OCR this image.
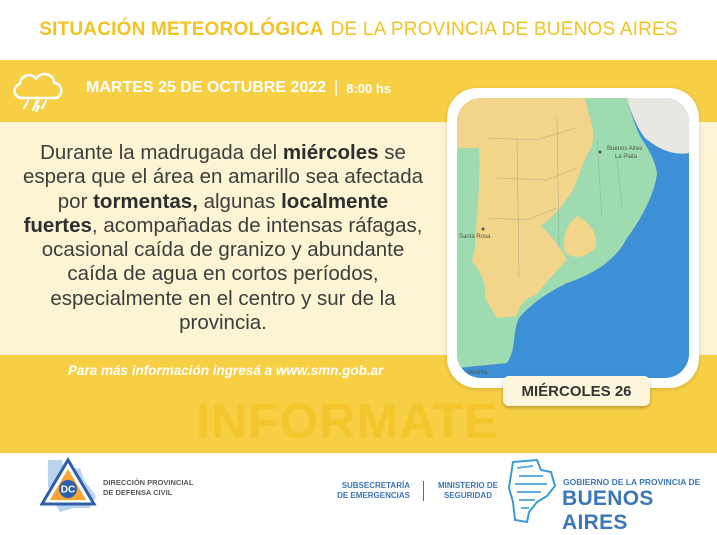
SITUACIÓN METEOROLÓGICA DE LA PROVINCIA DE BUENOS AIRES
MARTES 25 DE OCTUBRE 2022 | 8:00 hs
Durante la madrugada del miércoles se espera que el área en amarillo sea afectada por tormentas, algunas localmente fuertes, acompañadas de intensas ráfagas, ocasional caída de granizo y abundante caída de agua en cortos períodos, especialmente en el centro y sur de la provincia.
Para más información ingresá a www.smn.gob.ar
INFORMATE
Buenos Aires
La Plata
Santa Rosa
Viedma
MIÉRCOLES 26
DC
DIRECCIÓN PROVINCIAL
DE DEFENSA CIVIL
SUBSECRETARÍA
DE EMERGENCIAS
MINISTERIO DE
SEGURIDAD
GOBIERNO DE LA PROVINCIA DE
BUENOS AIRES
